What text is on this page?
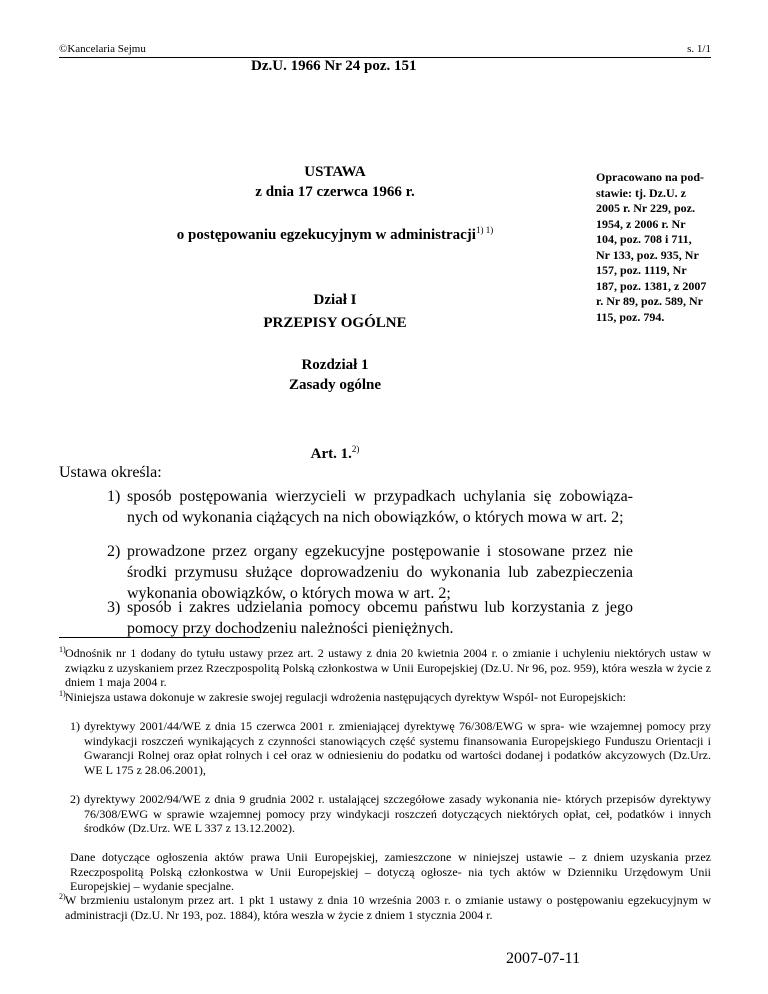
©Kancelaria Sejmu	s. 1/1
Dz.U. 1966 Nr 24 poz. 151
Opracowano na pod-
stawie: tj. Dz.U. z
2005 r. Nr 229, poz.
1954, z 2006 r. Nr
104, poz. 708 i 711,
Nr 133, poz. 935, Nr
157, poz. 1119, Nr
187, poz. 1381, z 2007
r. Nr 89, poz. 589, Nr
115, poz. 794.
USTAWA
z dnia 17 czerwca 1966 r.
o postępowaniu egzekucyjnym w administracji$^{1) 1)}$
Dział I
PRZEPISY OGÓLNE
Rozdział 1
Zasady ogólne
Art. 1.$^{2)}$
Ustawa określa:
1) sposób postępowania wierzycieli w przypadkach uchylania się zobowiąza- nych od wykonania ciążących na nich obowiązków, o których mowa w art. 2;
2) prowadzone przez organy egzekucyjne postępowanie i stosowane przez nie środki przymusu służące doprowadzeniu do wykonania lub zabezpieczenia wykonania obowiązków, o których mowa w art. 2;
3) sposób i zakres udzielania pomocy obcemu państwu lub korzystania z jego pomocy przy dochodzeniu należności pieniężnych.
1) Odnośnik nr 1 dodany do tytułu ustawy przez art. 2 ustawy z dnia 20 kwietnia 2004 r. o zmianie i uchyleniu niektórych ustaw w związku z uzyskaniem przez Rzeczpospolitą Polską członkostwa w Unii Europejskiej (Dz.U. Nr 96, poz. 959), która weszła w życie z dniem 1 maja 2004 r.
1) Niniejsza ustawa dokonuje w zakresie swojej regulacji wdrożenia następujących dyrektyw Wspól- not Europejskich:
1) dyrektywy 2001/44/WE z dnia 15 czerwca 2001 r. zmieniającej dyrektywę 76/308/EWG w spra- wie wzajemnej pomocy przy windykacji roszczeń wynikających z czynności stanowiących część systemu finansowania Europejskiego Funduszu Orientacji i Gwarancji Rolnej oraz opłat rolnych i ceł oraz w odniesieniu do podatku od wartości dodanej i podatków akcyzowych (Dz.Urz. WE L 175 z 28.06.2001),
2) dyrektywy 2002/94/WE z dnia 9 grudnia 2002 r. ustalającej szczegółowe zasady wykonania nie- których przepisów dyrektywy 76/308/EWG w sprawie wzajemnej pomocy przy windykacji roszczeń dotyczących niektórych opłat, ceł, podatków i innych środków (Dz.Urz. WE L 337 z 13.12.2002).
Dane dotyczące ogłoszenia aktów prawa Unii Europejskiej, zamieszczone w niniejszej ustawie – z dniem uzyskania przez Rzeczpospolitą Polską członkostwa w Unii Europejskiej – dotyczą ogłosze- nia tych aktów w Dzienniku Urzędowym Unii Europejskiej – wydanie specjalne.
2) W brzmieniu ustalonym przez art. 1 pkt 1 ustawy z dnia 10 września 2003 r. o zmianie ustawy o postępowaniu egzekucyjnym w administracji (Dz.U. Nr 193, poz. 1884), która weszła w życie z dniem 1 stycznia 2004 r.
2007-07-11
